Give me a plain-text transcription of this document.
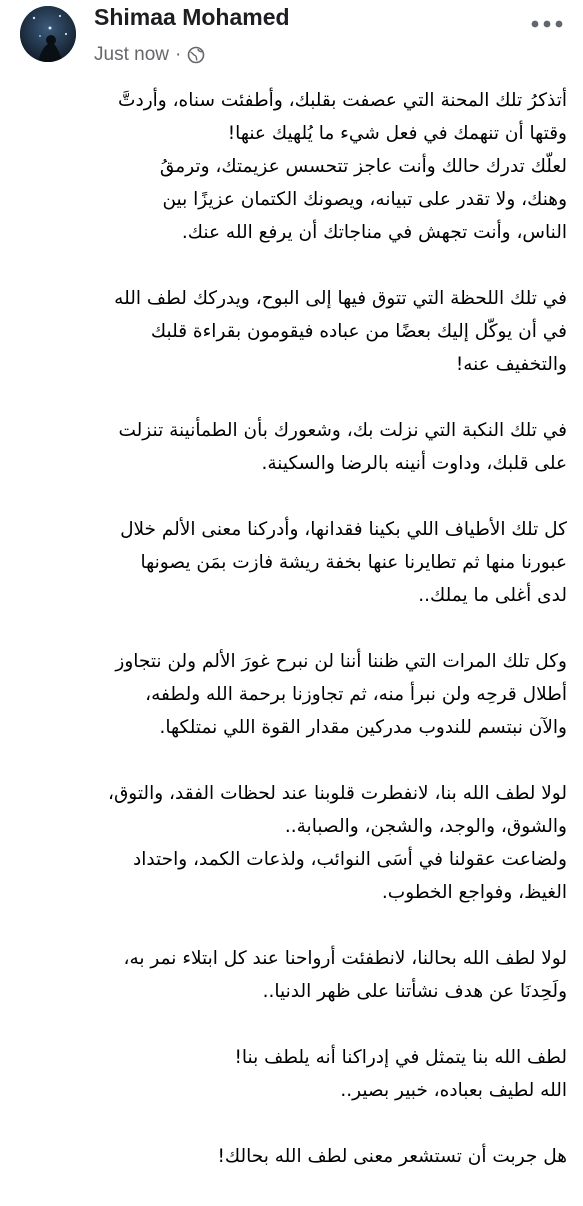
Shimaa Mohamed
Just now ·

أتذكرُ تلك المحنة التي عصفت بقلبك، وأطفئت سناه، وأردتَّ
وقتها أن تنهمك في فعل شيء ما يُلهيك عنها!
لعلّك تدرك حالك وأنت عاجز تتحسس عزيمتك، وترمقُ
وهنك، ولا تقدر على تبيانه، ويصونك الكتمان عزيزًا بين
الناس، وأنت تجهش في مناجاتك أن يرفع الله عنك.

في تلك اللحظة التي تتوق فيها إلى البوح، ويدركك لطف الله
في أن يوكّل إليك بعضًا من عباده فيقومون بقراءة قلبك
والتخفيف عنه!

في تلك النكبة التي نزلت بك، وشعورك بأن الطمأنينة تنزلت
على قلبك، وداوت أنينه بالرضا والسكينة.

كل تلك الأطياف اللي بكينا فقدانها، وأدركنا معنى الألم خلال
عبورنا منها ثم تطايرنا عنها بخفة ريشة فازت بمَن يصونها
لدى أغلى ما يملك..

وكل تلك المرات التي ظننا أننا لن نبرح غورَ الألم ولن نتجاوز
أطلال قرحِه ولن نبرأ منه، ثم تجاوزنا برحمة الله ولطفه،
والآن نبتسم للندوب مدركين مقدار القوة اللي نمتلكها.

لولا لطف الله بنا، لانفطرت قلوبنا عند لحظات الفقد، والتوق،
والشوق، والوجد، والشجن، والصبابة..
ولضاعت عقولنا في أسَى النوائب، ولذعات الكمد، واحتداد
الغيظ، وفواجع الخطوب.

لولا لطف الله بحالنا، لانطفئت أرواحنا عند كل ابتلاء نمر به،
ولَحِدنَا عن هدف نشأتنا على ظهر الدنيا..

لطف الله بنا يتمثل في إدراكنا أنه يلطف بنا!
الله لطيف بعباده، خبير بصير..

هل جربت أن تستشعر معنى لطف الله بحالك!
